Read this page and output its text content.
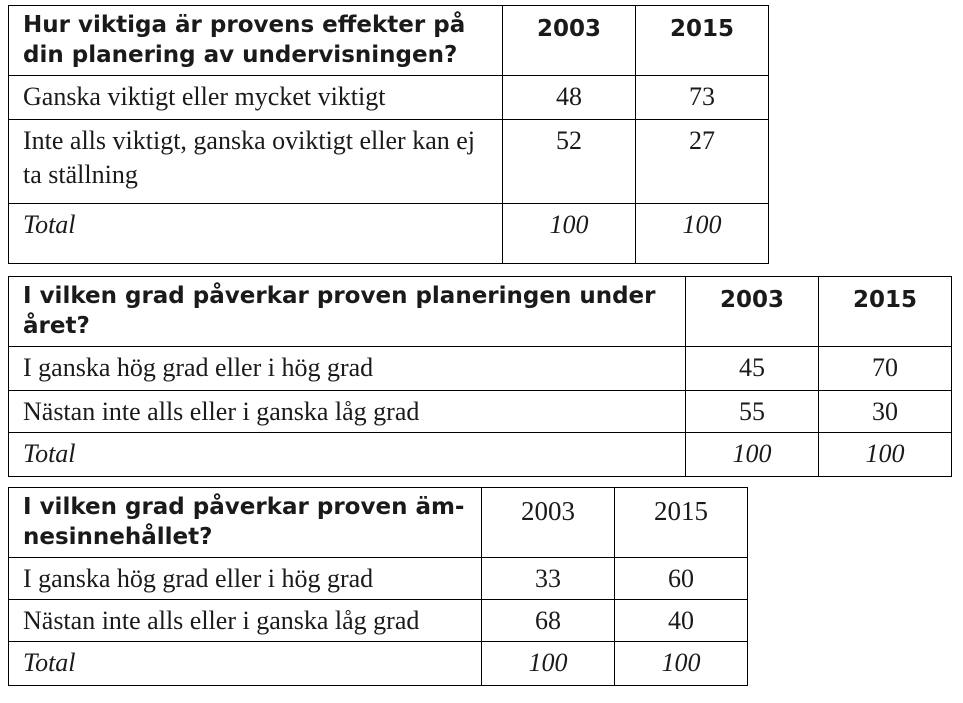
Hur viktiga är provens effekter på din planering av undervisningen?	2003	2015
Ganska viktigt eller mycket viktigt	48	73
Inte alls viktigt, ganska oviktigt eller kan ej ta ställning	52	27
Total	100	100
I vilken grad påverkar proven planeringen under året?	2003	2015
I ganska hög grad eller i hög grad	45	70
Nästan inte alls eller i ganska låg grad	55	30
Total	100	100
I vilken grad påverkar proven äm-nesinnehållet?	2003	2015
I ganska hög grad eller i hög grad	33	60
Nästan inte alls eller i ganska låg grad	68	40
Total	100	100
